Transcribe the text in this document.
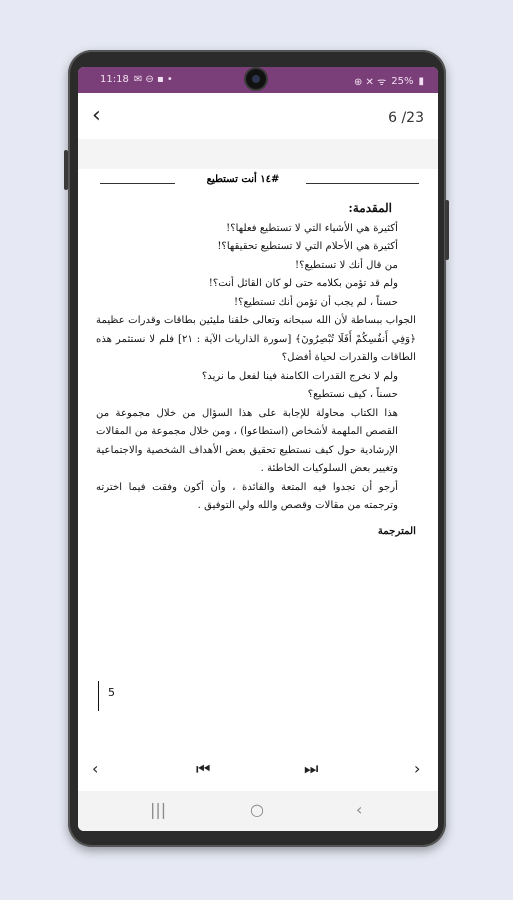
11:18 ✉ ⊖ ▪ •	⊕ ✕ ᯤ 25% ▮
‹	6 /23
#١٤ أنت تستطيع

المقدمة:

أكثيرة هي الأشياء التي لا تستطيع فعلها؟!

أكثيرة هي الأحلام التي لا تستطيع تحقيقها؟!

من قال أنك لا تستطيع؟!

ولم قد تؤمن بكلامه حتى لو كان القائل أنت؟!

حسناً ، لم يجب أن تؤمن أنك تستطيع؟!

الجواب ببساطة لأن الله سبحانه وتعالى خلقنا مليئين بطاقات وقدرات عظيمة ﴿وَفِي أَنفُسِكُمْ أَفَلَا تُبْصِرُونَ﴾ [سورة الذاريات الآية : ٢١] فلم لا نستثمر هذه الطاقات والقدرات لحياة أفضل؟

ولم لا نخرج القدرات الكامنة فينا لفعل ما نريد؟

حسناً ، كيف نستطيع؟

هذا الكتاب محاولة للإجابة على هذا السؤال من خلال مجموعة من القصص الملهمة لأشخاص (استطاعوا) ، ومن خلال مجموعة من المقالات الإرشادية حول كيف نستطيع تحقيق بعض الأهداف الشخصية والاجتماعية وتغيير بعض السلوكيات الخاطئة .

أرجو أن تجدوا فيه المتعة والفائدة ، وأن أكون وفقت فيما اخترته وترجمته من مقالات وقصص والله ولي التوفيق .

المترجمة

5
‹	⏮	⏭	›
|||	○	‹
